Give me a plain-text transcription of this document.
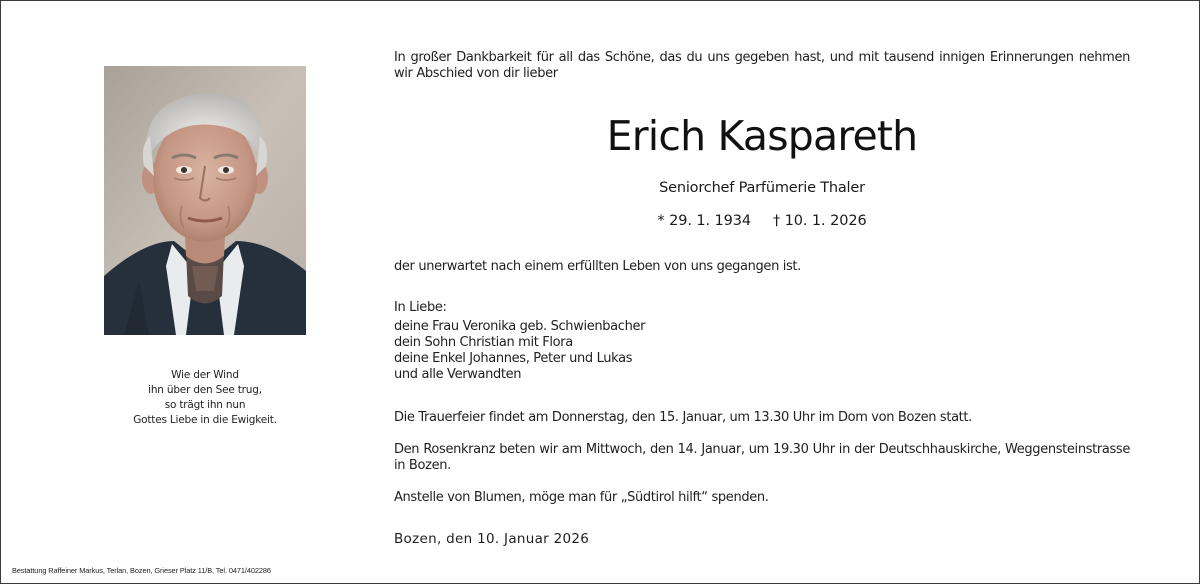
Wie der Wind
ihn über den See trug,
so trägt ihn nun
Gottes Liebe in die Ewigkeit.
Bestattung Raffeiner Markus, Terlan, Bozen, Grieser Platz 11/B, Tel. 0471/402286
In großer Dankbarkeit für all das Schöne, das du uns gegeben hast, und mit tausend innigen Erinnerungen nehmen wir Abschied von dir lieber
Erich Kaspareth
Seniorchef Parfümerie Thaler
* 29. 1. 1934 † 10. 1. 2026
der unerwartet nach einem erfüllten Leben von uns gegangen ist.
In Liebe:
deine Frau Veronika geb. Schwienbacher
dein Sohn Christian mit Flora
deine Enkel Johannes, Peter und Lukas
und alle Verwandten
Die Trauerfeier findet am Donnerstag, den 15. Januar, um 13.30 Uhr im Dom von Bozen statt.
Den Rosenkranz beten wir am Mittwoch, den 14. Januar, um 19.30 Uhr in der Deutschhauskirche, Weggensteinstrasse in Bozen.
Anstelle von Blumen, möge man für „Südtirol hilft“ spenden.
Bozen, den 10. Januar 2026
